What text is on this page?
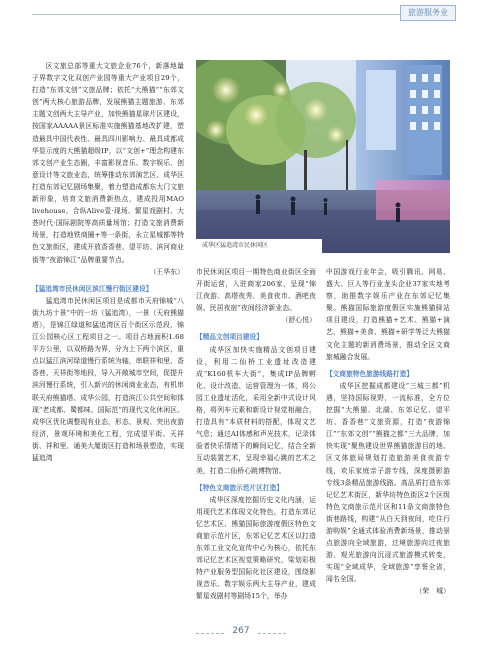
旅游服务业
成华区猛追湾市民休闲区

区文旅总部等重大文旅企业76个，新落地量子界数字文化双创产业园等重大产业项目29个，打造“东郊文创”文旅品牌；依托“大熊猫”“东郊文创”两大核心旅游品牌，发展熊猫主题旅游、东郊主题文创两大主导产业，加快熊猫星球片区建设，按国家AAAAA景区标准实施熊猫基地改扩建，塑造最具中国代表性、最具四川影响力、最具成都成华显示度的大熊猫超级IP，以“文创+”理念构建东郊文创产业生态圈，丰富影视音乐、数字娱乐、创意设计等文旅业态，统筹推动东郊演艺区、成华区打造东郊记忆剧场集聚，着力塑造成都东大门文旅新形象，培育文旅消费新热点，建成投用MAO livehouse、合纵Alive壹·现场、繁星戏剧村、大荟时代·国际剧院等高质量场馆；打造文旅消费新场景，打造地铁商圈+等一条街，永立星城都等特色文旅街区，建成开放香香巷、望平坊、滨河商业街等“夜游锦江”品牌重要节点。

（王华东）

【猛追湾市民休闲区滨江慢行街区建设】

猛追湾市民休闲区项目是成都市天府锦城“八街九坊十景”中的一坊（猛追湾），一景（天府熊猫塔），是锦江绿道和猛追湾区百个街区示范段、锦江公园核心区工程项目之一。项目占地面积1.68平方公里，以双桥路为界，分为上下两个滨区，重点以猛江滨河绿道慢行系统为轴，串联祥和里、香香巷、天祥街等地段，导入开敞城市空间，促提升滨河慢行系统，引入新兴的休闲商业业态，有机串联天府熊猫塔、成华公园，打造滨江公共空间和体现“老成都、蜀都味、国际范”的现代文化休闲区。成华区优化调整现有业态，形态、景观、突出夜游经济，景观环境和美化工程，完成望平街、天祥街、祥和里、通美大厦街区打造和场景塑造，实现猛追湾

市民休闲区项目一期特色商业街区全面开街运营，入驻商家206家，呈现“锦江夜游、高塔夜秀、美食夜市、酒吧夜娱、民居夜宿”夜间经济新业态。

（舒心悦）

【精品文创项目建设】

成华区加快实施精品文创项目建设，利用二仙桥工业遗址改造建成“K160机车大街”，集成IP品牌孵化、设计改造、运营管理为一体，将公园工业遗址活化，采用全新中式设计风格，将列车元素和新设计视觉相融合，打造具有“本质材料的搭配，体现文艺气息；通过AI体感和声光技术，记录体验者快乐情绪下的瞬间记忆，结合全新互动装置艺术，呈现幸福心跳的艺术之美，打造二仙桥心跳博物馆。

【特色文商旅示范片区打造】

成华区深度挖掘历史文化内涵，运用现代艺术体现文化特色，打造东郊记忆艺术区、熊猫国际旅游度假区特色文商旅示范片区，东郊记忆艺术区以打造东郊工业文化宣传中心为核心，依托东郊记忆艺术区视觉策略研究，梁划彩极特产业服务型国际化社区建设，围绕影视音乐、数字娱乐两大主导产业，建成繁星戏剧村等剧场15个，举办

中国游戏行业年会，吸引腾讯、网易、盛大、巨人等行业龙头企业37家实地考察，助推数字娱乐产业在东郊记忆集聚。熊猫国际旅游度假区实施熊猫驿站项目建设，打造熊猫+艺术、熊猫+演艺、熊猫+美食、熊猫+研学等泛大熊猫文化主题的新消费场景，推动全区文商旅城融合发展。

【文商旅特色旅游线路打造】

成华区挖掘成都建设“三城三都”机遇，坚持国际视野，一流标准，全方位挖掘“大熊猫、北湖、东郊记忆、望平坊、香香巷”文旅资源，打造“夜游锦江”“东郊文创”“熊猫之都”三大品牌，加快实现“聚焦建设世界熊猫旅游目的地、区文体旅局规划打造旅游美食夜游专线，欢乐家庭亲子游专线，深度摄影游专线3条精品旅游线路。高品质打造东郊记忆艺术街区，新华坊特色街区2个区级特色文商旅示范片区和11条文商旅特色街巷路线，构建“从白天到夜间，吃住行游购娱”全通式体验消费新场景，推动景点旅游向全域旅游，过境旅游向过夜旅游、观光旅游向沉浸式旅游模式转变，实现“全域成华，全域旅游”享誉全省，闻名全国。

（荣　城）

267
